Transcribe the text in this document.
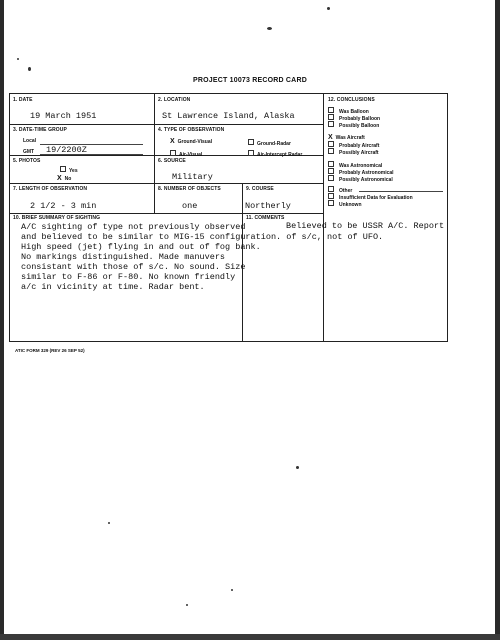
PROJECT 10073 RECORD CARD
1. DATE
19 March 1951
2. LOCATION
St Lawrence Island, Alaska
3. DATE-TIME GROUP
Local
GMT 19/2200Z
4. TYPE OF OBSERVATION
X Ground-Visual	Ground-Radar
Air-Visual	Air-Intercept Radar
5. PHOTOS
Yes
X No
6. SOURCE
Military
7. LENGTH OF OBSERVATION
2 1/2 - 3 min
8. NUMBER OF OBJECTS
one
9. COURSE
Northerly
10. BRIEF SUMMARY OF SIGHTING
A/C sighting of type not previously observed
and believed to be similar to MIG-15 configuration. of s/c, not of UFO.
High speed (jet) flying in and out of fog bank.
No markings distinguished. Made manuvers
consistant with those of s/c. No sound. Size
similar to F-86 or F-80. No known friendly
a/c in vicinity at time. Radar bent.
11. COMMENTS
Believed to be USSR A/C. Report
12. CONCLUSIONS
Was Balloon
Probably Balloon
Possibly Balloon
X Was Aircraft
Probably Aircraft
Possibly Aircraft
Was Astronomical
Probably Astronomical
Possibly Astronomical
Other
Insufficient Data for Evaluation
Unknown
ATIC FORM 329 (REV 26 SEP 52)
